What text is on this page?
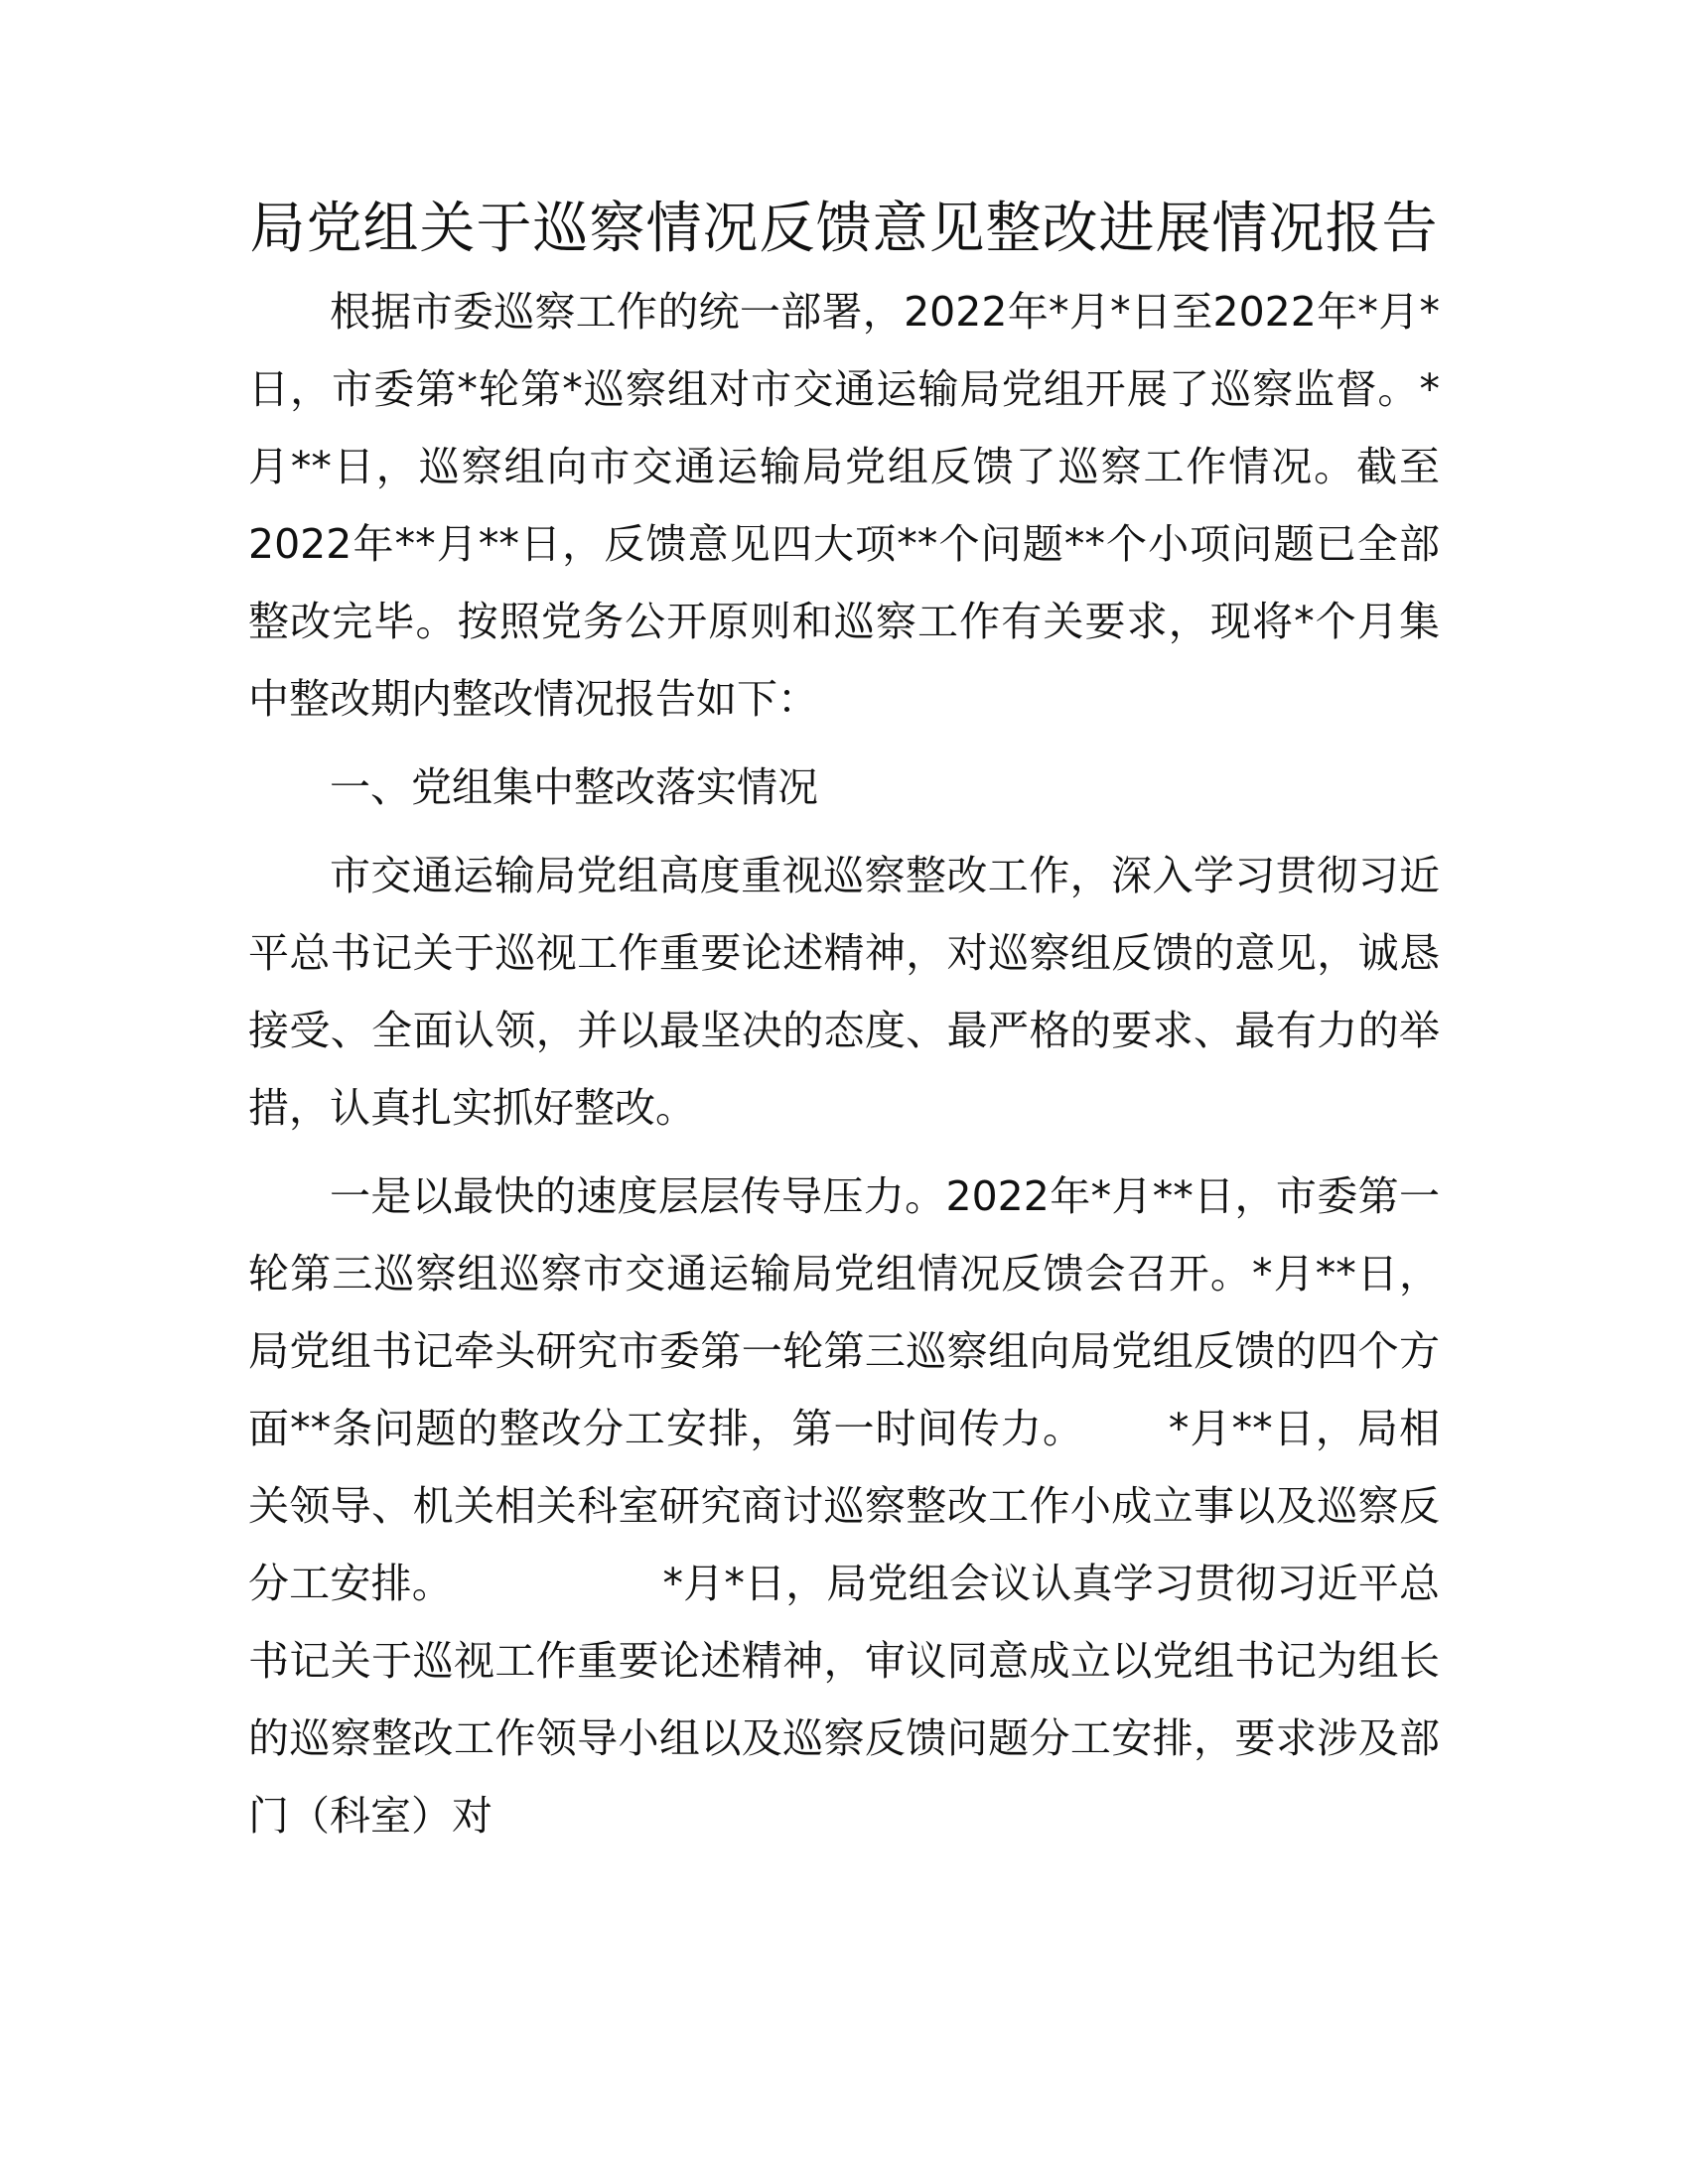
局党组关于巡察情况反馈意见整改进展情况报告

根据市委巡察工作的统一部署，2022年*月*日至2022年*月*日，市委第*轮第*巡察组对市交通运输局党组开展了巡察监督。*月**日，巡察组向市交通运输局党组反馈了巡察工作情况。截至2022年**月**日，反馈意见四大项**个问题**个小项问题已全部整改完毕。按照党务公开原则和巡察工作有关要求，现将*个月集中整改期内整改情况报告如下：

一、党组集中整改落实情况

市交通运输局党组高度重视巡察整改工作，深入学习贯彻习近平总书记关于巡视工作重要论述精神，对巡察组反馈的意见，诚恳接受、全面认领，并以最坚决的态度、最严格的要求、最有力的举措，认真扎实抓好整改。

一是以最快的速度层层传导压力。2022年*月**日，市委第一轮第三巡察组巡察市交通运输局党组情况反馈会召开。*月**日，局党组书记牵头研究市委第一轮第三巡察组向局党组反馈的四个方面**条问题的整改分工安排，第一时间传力。      *月**日，局相关领导、机关相关科室研究商讨巡察整改工作小成立事以及巡察反分工安排。                *月*日，局党组会议认真学习贯彻习近平总书记关于巡视工作重要论述精神，审议同意成立以党组书记为组长的巡察整改工作领导小组以及巡察反馈问题分工安排，要求涉及部门（科室）对
